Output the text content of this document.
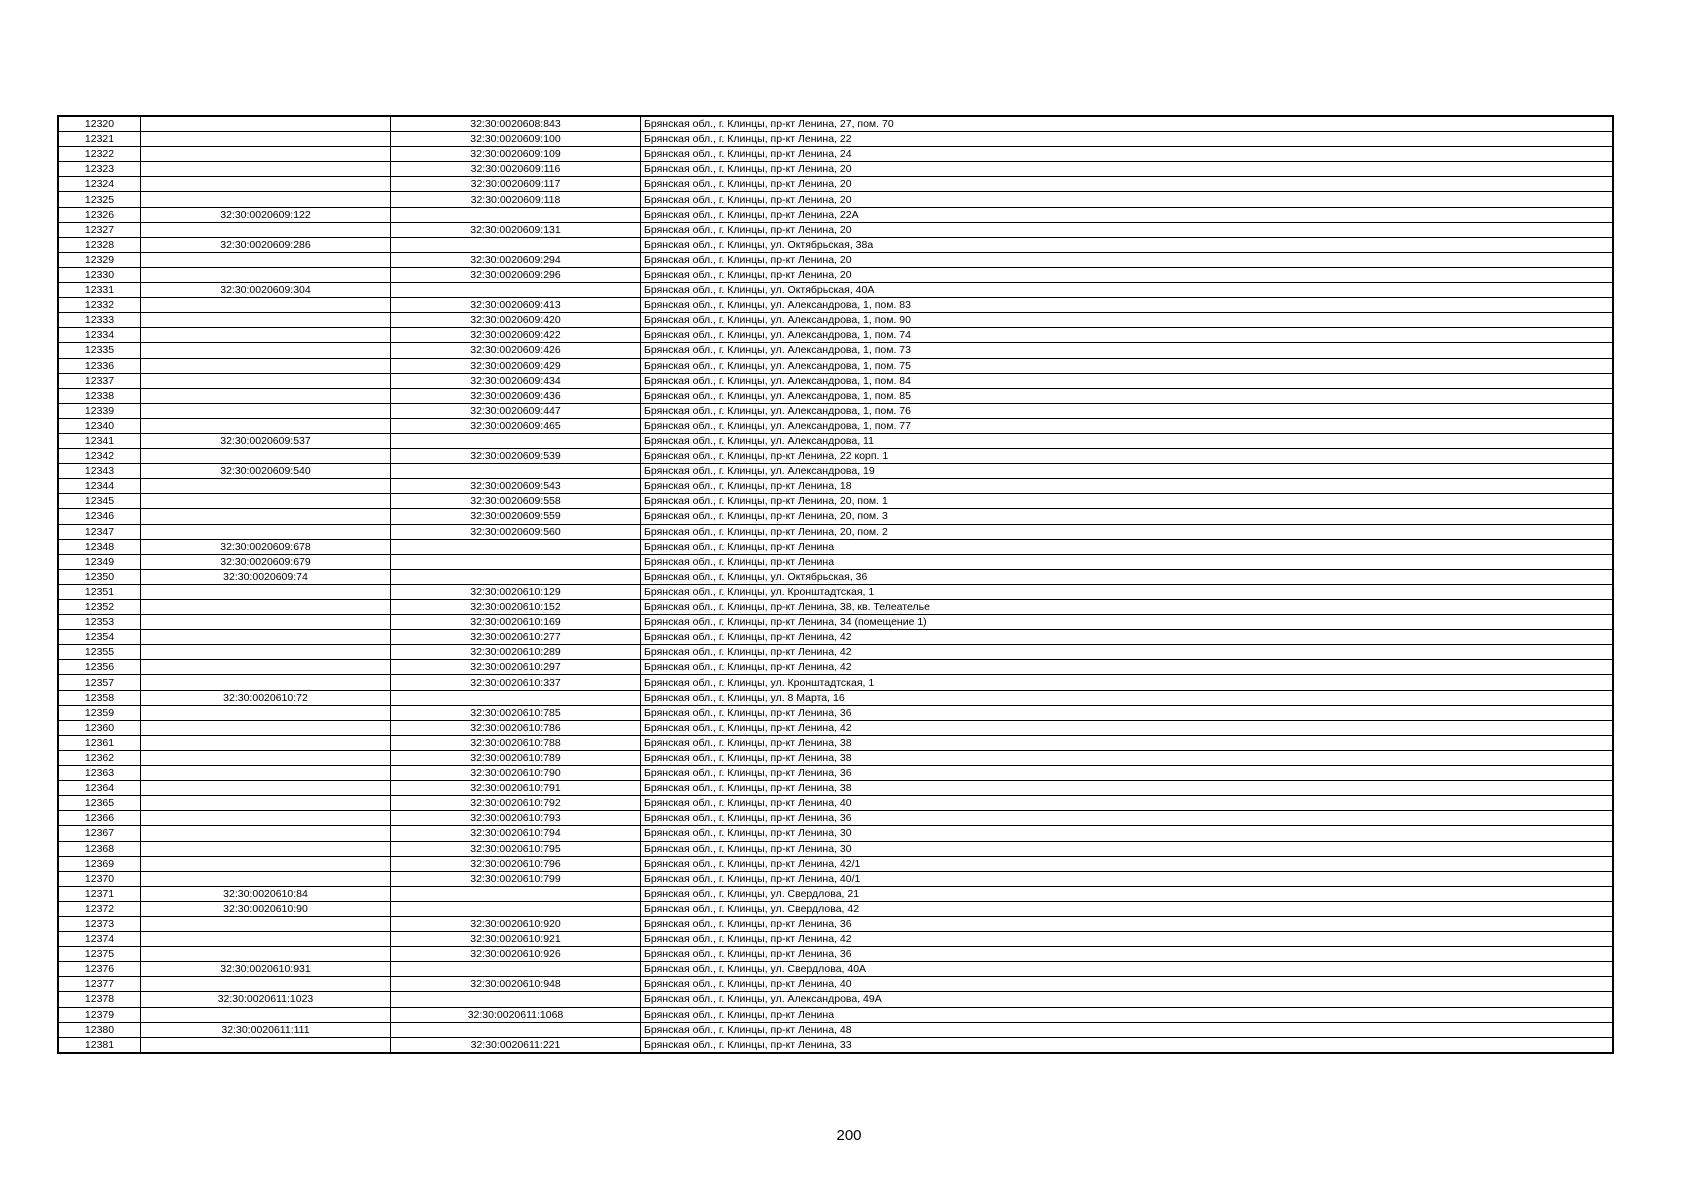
12320		32:30:0020608:843	Брянская обл., г. Клинцы, пр-кт Ленина, 27, пом. 70
12321		32:30:0020609:100	Брянская обл., г. Клинцы, пр-кт Ленина, 22
12322		32:30:0020609:109	Брянская обл., г. Клинцы, пр-кт Ленина, 24
12323		32:30:0020609:116	Брянская обл., г. Клинцы, пр-кт Ленина, 20
12324		32:30:0020609:117	Брянская обл., г. Клинцы, пр-кт Ленина, 20
12325		32:30:0020609:118	Брянская обл., г. Клинцы, пр-кт Ленина, 20
12326	32:30:0020609:122		Брянская обл., г. Клинцы, пр-кт Ленина, 22А
12327		32:30:0020609:131	Брянская обл., г. Клинцы, пр-кт Ленина, 20
12328	32:30:0020609:286		Брянская обл., г. Клинцы, ул. Октябрьская, 38а
12329		32:30:0020609:294	Брянская обл., г. Клинцы, пр-кт Ленина, 20
12330		32:30:0020609:296	Брянская обл., г. Клинцы, пр-кт Ленина, 20
12331	32:30:0020609:304		Брянская обл., г. Клинцы, ул. Октябрьская, 40А
12332		32:30:0020609:413	Брянская обл., г. Клинцы, ул. Александрова, 1, пом. 83
12333		32:30:0020609:420	Брянская обл., г. Клинцы, ул. Александрова, 1, пом. 90
12334		32:30:0020609:422	Брянская обл., г. Клинцы, ул. Александрова, 1, пом. 74
12335		32:30:0020609:426	Брянская обл., г. Клинцы, ул. Александрова, 1, пом. 73
12336		32:30:0020609:429	Брянская обл., г. Клинцы, ул. Александрова, 1, пом. 75
12337		32:30:0020609:434	Брянская обл., г. Клинцы, ул. Александрова, 1, пом. 84
12338		32:30:0020609:436	Брянская обл., г. Клинцы, ул. Александрова, 1, пом. 85
12339		32:30:0020609:447	Брянская обл., г. Клинцы, ул. Александрова, 1, пом. 76
12340		32:30:0020609:465	Брянская обл., г. Клинцы, ул. Александрова, 1, пом. 77
12341	32:30:0020609:537		Брянская обл., г. Клинцы, ул. Александрова, 11
12342		32:30:0020609:539	Брянская обл., г. Клинцы, пр-кт Ленина, 22 корп. 1
12343	32:30:0020609:540		Брянская обл., г. Клинцы, ул. Александрова, 19
12344		32:30:0020609:543	Брянская обл., г. Клинцы, пр-кт Ленина, 18
12345		32:30:0020609:558	Брянская обл., г. Клинцы, пр-кт Ленина, 20, пом. 1
12346		32:30:0020609:559	Брянская обл., г. Клинцы, пр-кт Ленина, 20, пом. 3
12347		32:30:0020609:560	Брянская обл., г. Клинцы, пр-кт Ленина, 20, пом. 2
12348	32:30:0020609:678		Брянская обл., г. Клинцы, пр-кт Ленина
12349	32:30:0020609:679		Брянская обл., г. Клинцы, пр-кт Ленина
12350	32:30:0020609:74		Брянская обл., г. Клинцы, ул. Октябрьская, 36
12351		32:30:0020610:129	Брянская обл., г. Клинцы, ул. Кронштадтская, 1
12352		32:30:0020610:152	Брянская обл., г. Клинцы, пр-кт Ленина, 38, кв. Телеателье
12353		32:30:0020610:169	Брянская обл., г. Клинцы, пр-кт Ленина, 34 (помещение 1)
12354		32:30:0020610:277	Брянская обл., г. Клинцы, пр-кт Ленина, 42
12355		32:30:0020610:289	Брянская обл., г. Клинцы, пр-кт Ленина, 42
12356		32:30:0020610:297	Брянская обл., г. Клинцы, пр-кт Ленина, 42
12357		32:30:0020610:337	Брянская обл., г. Клинцы, ул. Кронштадтская, 1
12358	32:30:0020610:72		Брянская обл., г. Клинцы, ул. 8 Марта, 16
12359		32:30:0020610:785	Брянская обл., г. Клинцы, пр-кт Ленина, 36
12360		32:30:0020610:786	Брянская обл., г. Клинцы, пр-кт Ленина, 42
12361		32:30:0020610:788	Брянская обл., г. Клинцы, пр-кт Ленина, 38
12362		32:30:0020610:789	Брянская обл., г. Клинцы, пр-кт Ленина, 38
12363		32:30:0020610:790	Брянская обл., г. Клинцы, пр-кт Ленина, 36
12364		32:30:0020610:791	Брянская обл., г. Клинцы, пр-кт Ленина, 38
12365		32:30:0020610:792	Брянская обл., г. Клинцы, пр-кт Ленина, 40
12366		32:30:0020610:793	Брянская обл., г. Клинцы, пр-кт Ленина, 36
12367		32:30:0020610:794	Брянская обл., г. Клинцы, пр-кт Ленина, 30
12368		32:30:0020610:795	Брянская обл., г. Клинцы, пр-кт Ленина, 30
12369		32:30:0020610:796	Брянская обл., г. Клинцы, пр-кт Ленина, 42/1
12370		32:30:0020610:799	Брянская обл., г. Клинцы, пр-кт Ленина, 40/1
12371	32:30:0020610:84		Брянская обл., г. Клинцы, ул. Свердлова, 21
12372	32:30:0020610:90		Брянская обл., г. Клинцы, ул. Свердлова, 42
12373		32:30:0020610:920	Брянская обл., г. Клинцы, пр-кт Ленина, 36
12374		32:30:0020610:921	Брянская обл., г. Клинцы, пр-кт Ленина, 42
12375		32:30:0020610:926	Брянская обл., г. Клинцы, пр-кт Ленина, 36
12376	32:30:0020610:931		Брянская обл., г. Клинцы, ул. Свердлова, 40А
12377		32:30:0020610:948	Брянская обл., г. Клинцы, пр-кт Ленина, 40
12378	32:30:0020611:1023		Брянская обл., г. Клинцы, ул. Александрова, 49А
12379		32:30:0020611:1068	Брянская обл., г. Клинцы, пр-кт Ленина
12380	32:30:0020611:111		Брянская обл., г. Клинцы, пр-кт Ленина, 48
12381		32:30:0020611:221	Брянская обл., г. Клинцы, пр-кт Ленина, 33
200
